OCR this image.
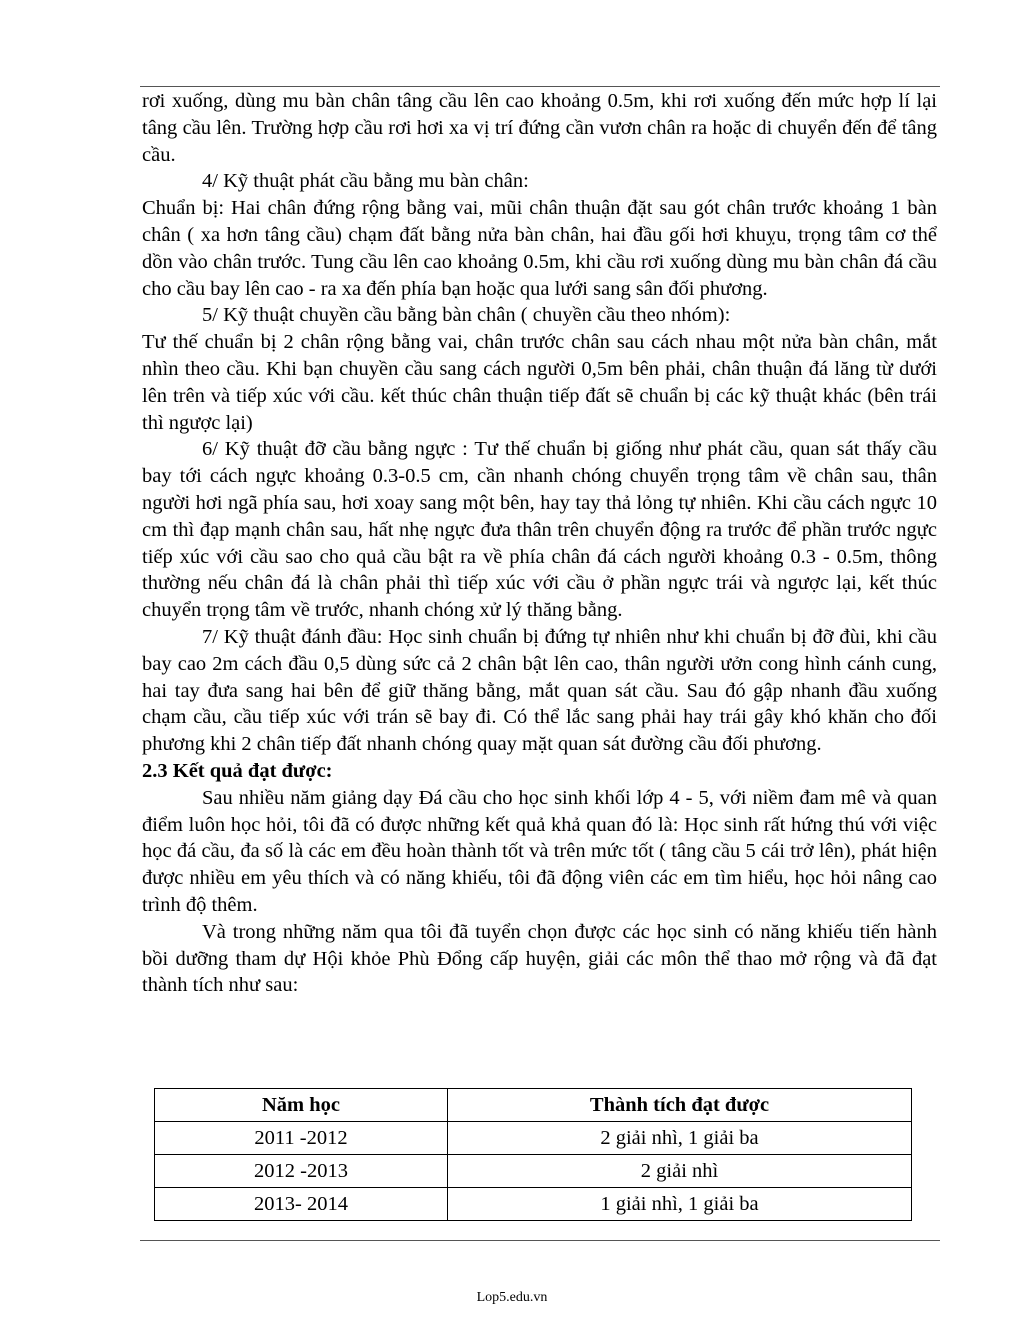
rơi xuống, dùng mu bàn chân tâng cầu lên cao khoảng 0.5m, khi rơi xuống đến mức hợp lí lại tâng cầu lên. Trường hợp cầu rơi hơi xa vị trí đứng cần vươn chân ra hoặc di chuyển đến để tâng cầu.

4/ Kỹ thuật phát cầu bằng mu bàn chân:

Chuẩn bị: Hai chân đứng rộng bằng vai, mũi chân thuận đặt sau gót chân trước khoảng 1 bàn chân ( xa hơn tâng cầu) chạm đất bằng nửa bàn chân, hai đầu gối hơi khuỵu, trọng tâm cơ thể dồn vào chân trước. Tung cầu lên cao khoảng 0.5m, khi cầu rơi xuống dùng mu bàn chân đá cầu cho cầu bay lên cao - ra xa đến phía bạn hoặc qua lưới sang sân đối phương.

5/ Kỹ thuật chuyền cầu bằng bàn chân ( chuyền cầu theo nhóm):

Tư thế chuẩn bị 2 chân rộng bằng vai, chân trước chân sau cách nhau một nửa bàn chân, mắt nhìn theo cầu. Khi bạn chuyền cầu sang cách người 0,5m bên phải, chân thuận đá lăng từ dưới lên trên và tiếp xúc với cầu. kết thúc chân thuận tiếp đất sẽ chuẩn bị các kỹ thuật khác (bên trái thì ngược lại)

6/ Kỹ thuật đỡ cầu bằng ngực : Tư thế chuẩn bị giống như phát cầu, quan sát thấy cầu bay tới cách ngực khoảng 0.3-0.5 cm, cần nhanh chóng chuyển trọng tâm về chân sau, thân người hơi ngã phía sau, hơi xoay sang một bên, hay tay thả lỏng tự nhiên. Khi cầu cách ngực 10 cm thì đạp mạnh chân sau, hất nhẹ ngực đưa thân trên chuyển động ra trước để phần trước ngực tiếp xúc với cầu sao cho quả cầu bật ra về phía chân đá cách người khoảng 0.3 - 0.5m, thông thường nếu chân đá là chân phải thì tiếp xúc với cầu ở phần ngực trái và ngược lại, kết thúc chuyển trọng tâm về trước, nhanh chóng xử lý thăng bằng.

7/ Kỹ thuật đánh đầu: Học sinh chuẩn bị đứng tự nhiên như khi chuẩn bị đỡ đùi, khi cầu bay cao 2m cách đầu 0,5 dùng sức cả 2 chân bật lên cao, thân người ưởn cong hình cánh cung, hai tay đưa sang hai bên để giữ thăng bằng, mắt quan sát cầu. Sau đó gập nhanh đầu xuống chạm cầu, cầu tiếp xúc với trán sẽ bay đi. Có thể lắc sang phải hay trái gây khó khăn cho đối phương khi 2 chân tiếp đất nhanh chóng quay mặt quan sát đường cầu đối phương.

2.3 Kết quả đạt được:

Sau nhiều năm giảng dạy Đá cầu cho học sinh khối lớp 4 - 5, với niềm đam mê và quan điểm luôn học hỏi, tôi đã có được những kết quả khả quan đó là: Học sinh rất hứng thú với việc học đá cầu, đa số là các em đều hoàn thành tốt và trên mức tốt ( tâng cầu 5 cái trở lên), phát hiện được nhiều em yêu thích và có năng khiếu, tôi đã động viên các em tìm hiểu, học hỏi nâng cao trình độ thêm.

Và trong những năm qua tôi đã tuyển chọn được các học sinh có năng khiếu tiến hành bồi dưỡng tham dự Hội khỏe Phù Đổng cấp huyện, giải các môn thể thao mở rộng và đã đạt thành tích như sau:

Năm học	Thành tích đạt được
2011 -2012	2 giải nhì, 1 giải ba
2012 -2013	2 giải nhì
2013- 2014	1 giải nhì, 1 giải ba
Lop5.edu.vn
